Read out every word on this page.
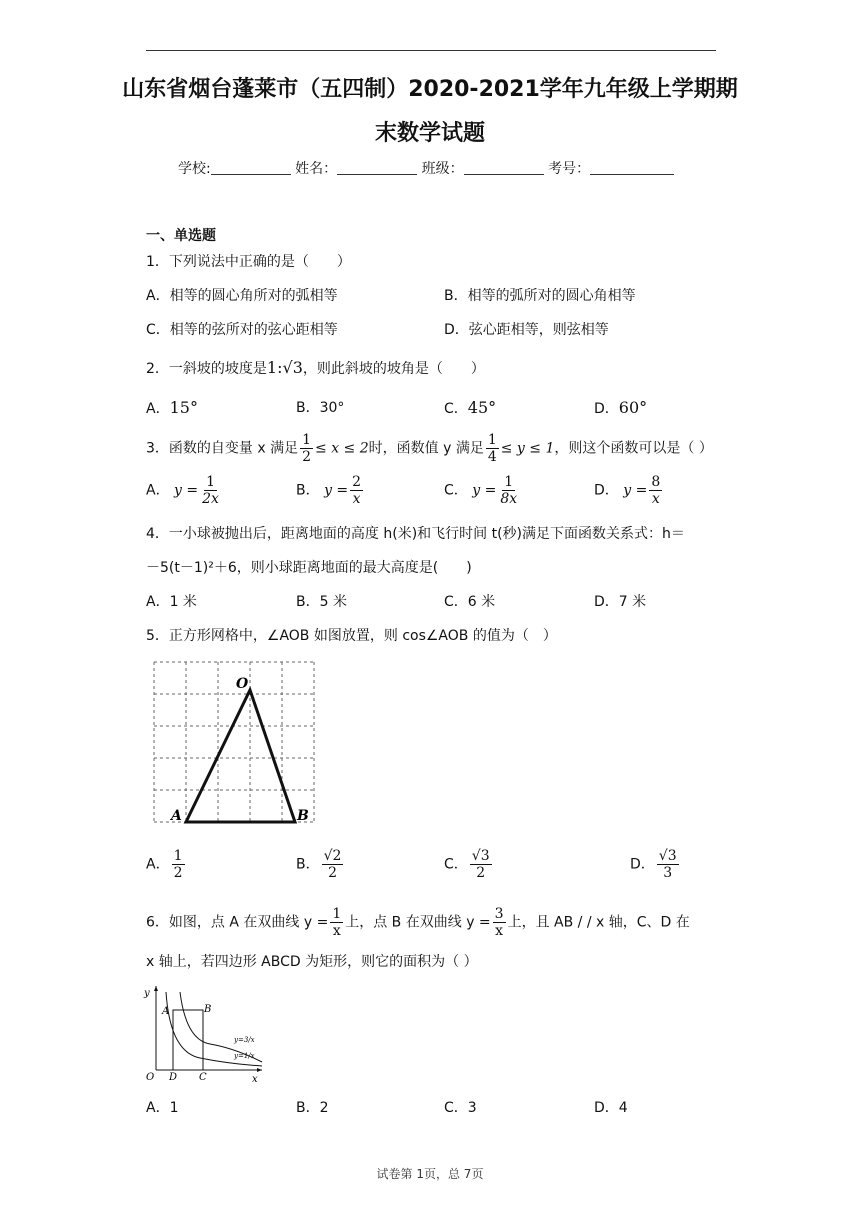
山东省烟台蓬莱市（五四制）2020-2021学年九年级上学期期
末数学试题
学校:	姓名：	班级：	考号：
一、单选题
1．下列说法中正确的是（　　）
A．相等的圆心角所对的弧相等	B．相等的弧所对的圆心角相等
C．相等的弦所对的弦心距相等	D．弦心距相等，则弦相等
2．一斜坡的坡度是1:√3，则此斜坡的坡角是（　　）
A．15°	B．30°	C．45°	D．60°
3．函数的自变量 x 满足 $\frac{1}{2} \le x \le 2$时，函数值 y 满足 $\frac{1}{4} \le y \le 1$，则这个函数可以是（ ）
A． $y = \frac{1}{2x}$	B． $y = \frac{2}{x}$	C． $y = \frac{1}{8x}$	D． $y = \frac{8}{x}$
4．一小球被抛出后，距离地面的高度 h(米)和飞行时间 t(秒)满足下面函数关系式：h＝
－5(t－1)²＋6，则小球距离地面的最大高度是(　　)
A．1 米	B．5 米	C．6 米	D．7 米
5．正方形网格中，∠AOB 如图放置，则 cos∠AOB 的值为（　）
O
A	B
A． $\frac{1}{2}$	B． $\frac{√2}{2}$	C． $\frac{√3}{2}$	D． $\frac{√3}{3}$
6．如图，点 A 在双曲线 $y = \frac{1}{x}$ 上，点 B 在双曲线 $y = \frac{3}{x}$ 上，且 AB / / x 轴，C、D 在
x 轴上，若四边形 ABCD 为矩形，则它的面积为（ ）
y
x
O D C
A	B
y=3/x
y=1/x
A．1	B．2	C．3	D．4
试卷第 1页，总 7页
